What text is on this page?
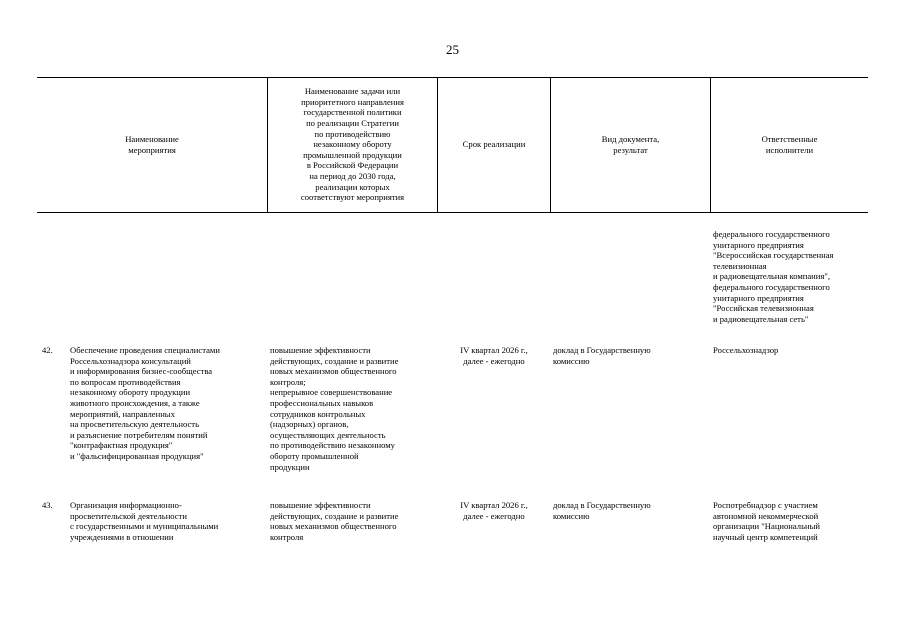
25
Наименование
мероприятия
Наименование задачи или
приоритетного направления
государственной политики
по реализации Стратегии
по противодействию
незаконному обороту
промышленной продукции
в Российской Федерации
на период до 2030 года,
реализации которых
соответствуют мероприятия
Срок реализации
Вид документа,
результат
Ответственные
исполнители
федерального государственного
унитарного предприятия
"Всероссийская государственная
телевизионная
и радиовещательная компания",
федерального государственного
унитарного предприятия
"Российская телевизионная
и радиовещательная сеть"
42. Обеспечение проведения специалистами
Россельхознадзора консультаций
и информирования бизнес-сообщества
по вопросам противодействия
незаконному обороту продукции
животного происхождения, а также
мероприятий, направленных
на просветительскую деятельность
и разъяснение потребителям понятий
"контрафактная продукция"
и "фальсифицированная продукция"
повышение эффективности
действующих, создание и развитие
новых механизмов общественного
контроля;
непрерывное совершенствование
профессиональных навыков
сотрудников контрольных
(надзорных) органов,
осуществляющих деятельность
по противодействию незаконному
обороту промышленной
продукции
IV квартал 2026 г.,
далее - ежегодно
доклад в Государственную
комиссию
Россельхознадзор
43. Организация информационно-
просветительской деятельности
с государственными и муниципальными
учреждениями в отношении
повышение эффективности
действующих, создание и развитие
новых механизмов общественного
контроля
IV квартал 2026 г.,
далее - ежегодно
доклад в Государственную
комиссию
Роспотребнадзор с участием
автономной некоммерческой
организации "Национальный
научный центр компетенций
